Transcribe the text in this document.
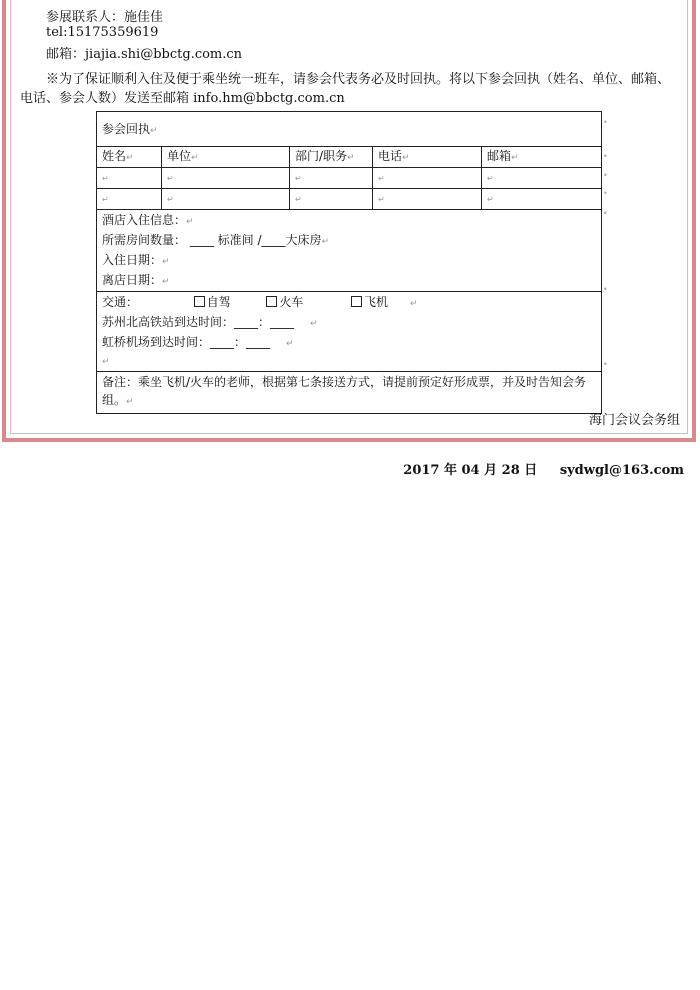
参展联系人：施佳佳
tel:15175359619
邮箱：jiajia.shi@bbctg.com.cn
※为了保证顺利入住及便于乘坐统一班车，请参会代表务必及时回执。将以下参会回执（姓名、单位、邮箱、电话、参会人数）发送至邮箱 info.hm@bbctg.com.cn
参会回执↵				
姓名↵	单位↵	部门/职务↵	电话↵	邮箱↵
↵	↵	↵	↵	↵
↵	↵	↵	↵	↵

酒店入住信息：↵
所需房间数量： ____ 标准间 /____大床房↵
入住日期：↵
离店日期：↵				

交通： 自驾 火车 飞机 ↵
苏州北高铁站到达时间：____：____ ↵
虹桥机场到达时间：____：____ ↵
↵				

备注：乘坐飞机/火车的老师，根据第七条接送方式，请提前预定好形成票，并及时告知会务组。↵				
•
•
•
•
•
•
•
海门会议会务组
2017 年 04 月 28 日 sydwgl@163.com
